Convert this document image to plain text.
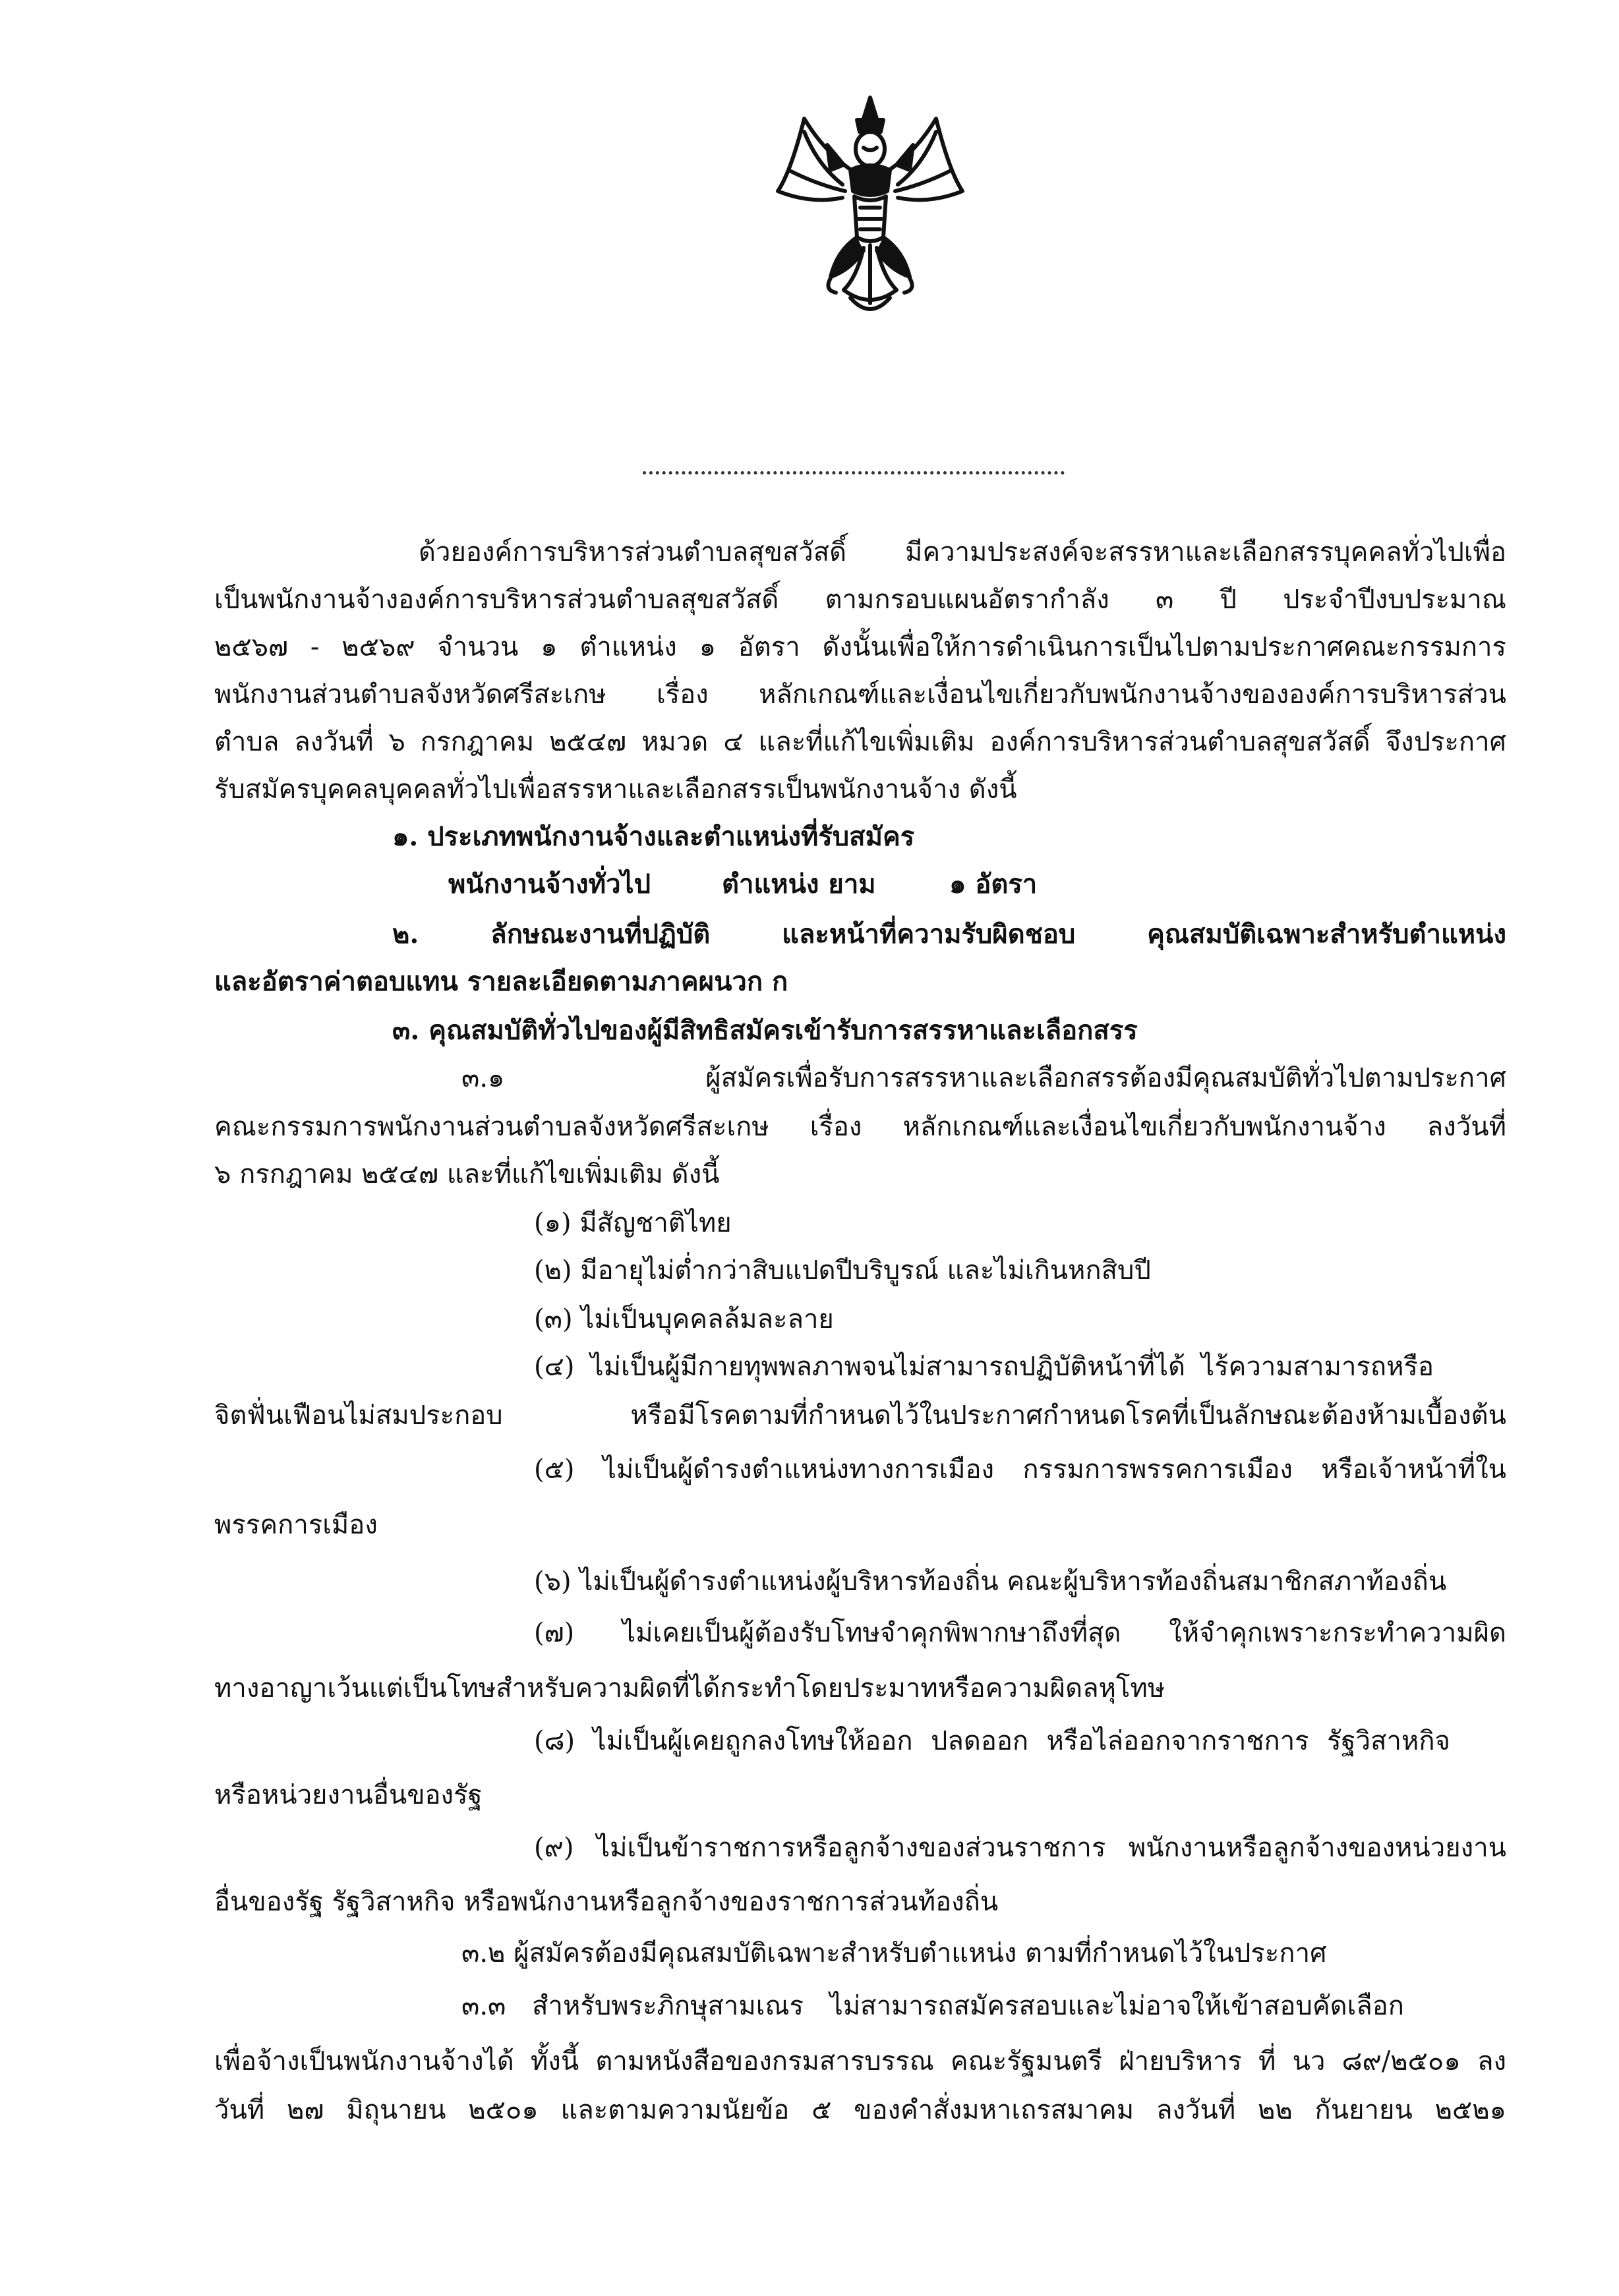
ด้วยองค์การบริหารส่วนตำบลสุขสวัสดิ์ มีความประสงค์จะสรรหาและเลือกสรรบุคคลทั่วไปเพื่อ
เป็นพนักงานจ้างองค์การบริหารส่วนตำบลสุขสวัสดิ์ ตามกรอบแผนอัตรากำลัง ๓ ปี ประจำปีงบประมาณ
๒๕๖๗ - ๒๕๖๙ จำนวน ๑ ตำแหน่ง ๑ อัตรา ดังนั้นเพื่อให้การดำเนินการเป็นไปตามประกาศคณะกรรมการ
พนักงานส่วนตำบลจังหวัดศรีสะเกษ เรื่อง หลักเกณฑ์และเงื่อนไขเกี่ยวกับพนักงานจ้างขององค์การบริหารส่วน
ตำบล ลงวันที่ ๖ กรกฎาคม ๒๕๔๗ หมวด ๔ และที่แก้ไขเพิ่มเติม องค์การบริหารส่วนตำบลสุขสวัสดิ์ จึงประกาศ
รับสมัครบุคคลบุคคลทั่วไปเพื่อสรรหาและเลือกสรรเป็นพนักงานจ้าง ดังนี้
๑. ประเภทพนักงานจ้างและตำแหน่งที่รับสมัคร
พนักงานจ้างทั่วไป	ตำแหน่ง ยาม	๑ อัตรา
๒. ลักษณะงานที่ปฏิบัติ และหน้าที่ความรับผิดชอบ คุณสมบัติเฉพาะสำหรับตำแหน่ง
และอัตราค่าตอบแทน รายละเอียดตามภาคผนวก ก
๓. คุณสมบัติทั่วไปของผู้มีสิทธิสมัครเข้ารับการสรรหาและเลือกสรร
๓.๑ ผู้สมัครเพื่อรับการสรรหาและเลือกสรรต้องมีคุณสมบัติทั่วไปตามประกาศ
คณะกรรมการพนักงานส่วนตำบลจังหวัดศรีสะเกษ เรื่อง หลักเกณฑ์และเงื่อนไขเกี่ยวกับพนักงานจ้าง ลงวันที่
๖ กรกฎาคม ๒๕๔๗ และที่แก้ไขเพิ่มเติม ดังนี้
(๑) มีสัญชาติไทย
(๒) มีอายุไม่ต่ำกว่าสิบแปดปีบริบูรณ์ และไม่เกินหกสิบปี
(๓) ไม่เป็นบุคคลล้มละลาย
(๔) ไม่เป็นผู้มีกายทุพพลภาพจนไม่สามารถปฏิบัติหน้าที่ได้ ไร้ความสามารถหรือ
จิตฟั่นเฟือนไม่สมประกอบ หรือมีโรคตามที่กำหนดไว้ในประกาศกำหนดโรคที่เป็นลักษณะต้องห้ามเบื้องต้น
(๕) ไม่เป็นผู้ดำรงตำแหน่งทางการเมือง กรรมการพรรคการเมือง หรือเจ้าหน้าที่ใน
พรรคการเมือง
(๖) ไม่เป็นผู้ดำรงตำแหน่งผู้บริหารท้องถิ่น คณะผู้บริหารท้องถิ่นสมาชิกสภาท้องถิ่น
(๗) ไม่เคยเป็นผู้ต้องรับโทษจำคุกพิพากษาถึงที่สุด ให้จำคุกเพราะกระทำความผิด
ทางอาญาเว้นแต่เป็นโทษสำหรับความผิดที่ได้กระทำโดยประมาทหรือความผิดลหุโทษ
(๘) ไม่เป็นผู้เคยถูกลงโทษให้ออก ปลดออก หรือไล่ออกจากราชการ รัฐวิสาหกิจ
หรือหน่วยงานอื่นของรัฐ
(๙) ไม่เป็นข้าราชการหรือลูกจ้างของส่วนราชการ พนักงานหรือลูกจ้างของหน่วยงาน
อื่นของรัฐ รัฐวิสาหกิจ หรือพนักงานหรือลูกจ้างของราชการส่วนท้องถิ่น
๓.๒ ผู้สมัครต้องมีคุณสมบัติเฉพาะสำหรับตำแหน่ง ตามที่กำหนดไว้ในประกาศ
๓.๓ สำหรับพระภิกษุสามเณร ไม่สามารถสมัครสอบและไม่อาจให้เข้าสอบคัดเลือก
เพื่อจ้างเป็นพนักงานจ้างได้ ทั้งนี้ ตามหนังสือของกรมสารบรรณ คณะรัฐมนตรี ฝ่ายบริหาร ที่ นว ๘๙/๒๕๐๑ ลง
วันที่ ๒๗ มิถุนายน ๒๕๐๑ และตามความนัยข้อ ๕ ของคำสั่งมหาเถรสมาคม ลงวันที่ ๒๒ กันยายน ๒๕๒๑
